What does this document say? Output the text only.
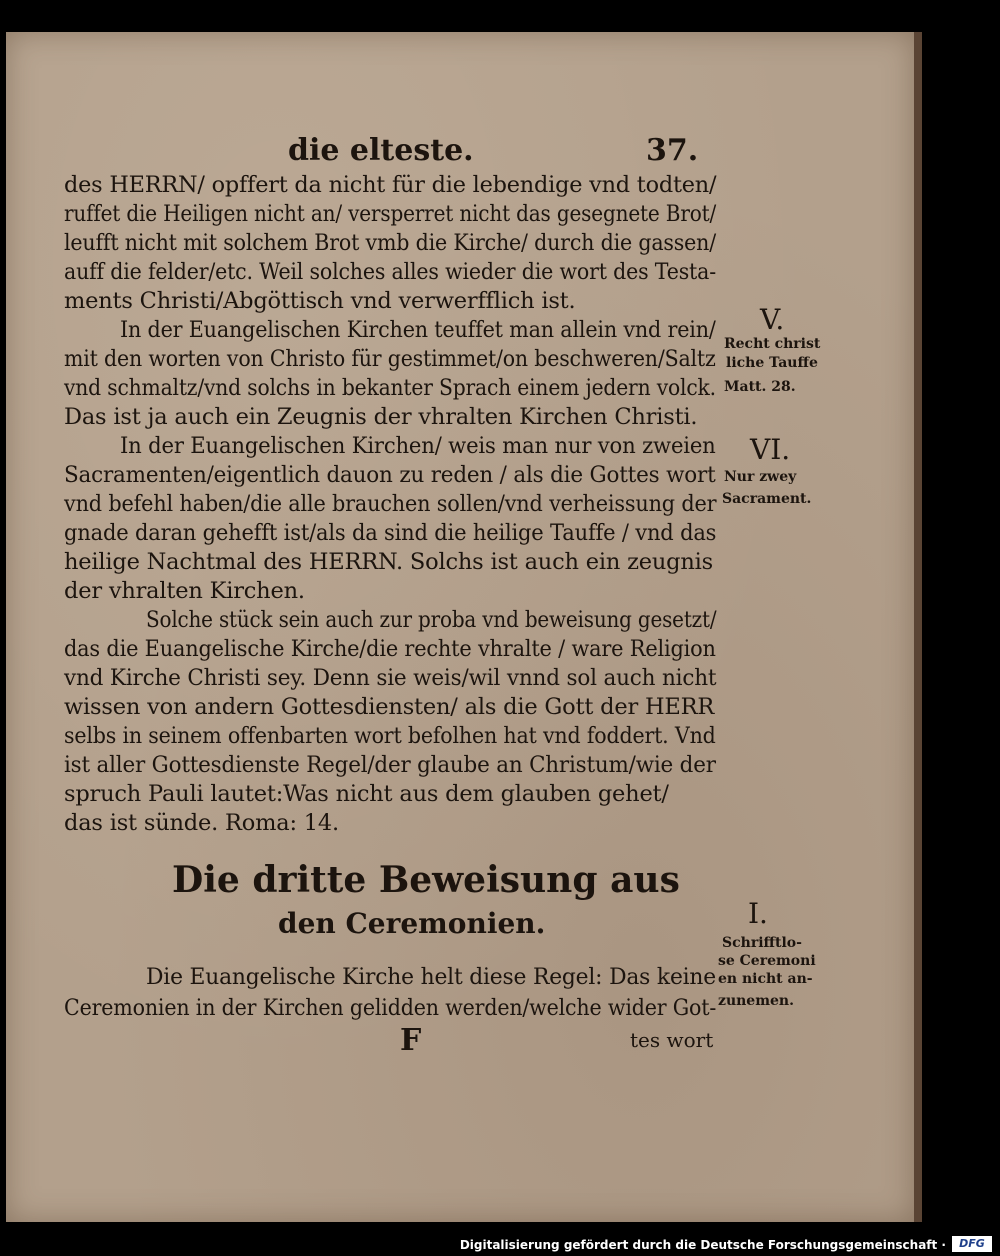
die elteste.	37.
des HERRN/ opffert da nicht für die lebendige vnd todten/
ruffet die Heiligen nicht an/ versperret nicht das gesegnete Brot/
leufft nicht mit solchem Brot vmb die Kirche/ durch die gassen/
auff die felder/etc. Weil solches alles wieder die wort des Testa-
ments Christi/Abgöttisch vnd verwerfflich ist.
In der Euangelischen Kirchen teuffet man allein vnd rein/
mit den worten von Christo für gestimmet/on beschweren/Saltz
vnd schmaltz/vnd solchs in bekanter Sprach einem jedern volck.
Das ist ja auch ein Zeugnis der vhralten Kirchen Christi.
In der Euangelischen Kirchen/ weis man nur von zweien
Sacramenten/eigentlich dauon zu reden / als die Gottes wort
vnd befehl haben/die alle brauchen sollen/vnd verheissung der
gnade daran gehefft ist/als da sind die heilige Tauffe / vnd das
heilige Nachtmal des HERRN. Solchs ist auch ein zeugnis
der vhralten Kirchen.
Solche stück sein auch zur proba vnd beweisung gesetzt/
das die Euangelische Kirche/die rechte vhralte / ware Religion
vnd Kirche Christi sey. Denn sie weis/wil vnnd sol auch nicht
wissen von andern Gottesdiensten/ als die Gott der HERR
selbs in seinem offenbarten wort befolhen hat vnd foddert. Vnd
ist aller Gottesdienste Regel/der glaube an Christum/wie der
spruch Pauli lautet:Was nicht aus dem glauben gehet/
das ist sünde. Roma: 14.
Die dritte Beweisung aus
den Ceremonien.
Die Euangelische Kirche helt diese Regel: Das keine
Ceremonien in der Kirchen gelidden werden/welche wider Got-
F	tes wort
V.
Recht christ
liche Tauffe
Matt. 28.
VI.
Nur zwey
Sacrament.
I.
Schrifftlo-
se Ceremoni
en nicht an-
zunemen.
Digitalisierung gefördert durch die Deutsche Forschungsgemeinschaft ·	DFG
